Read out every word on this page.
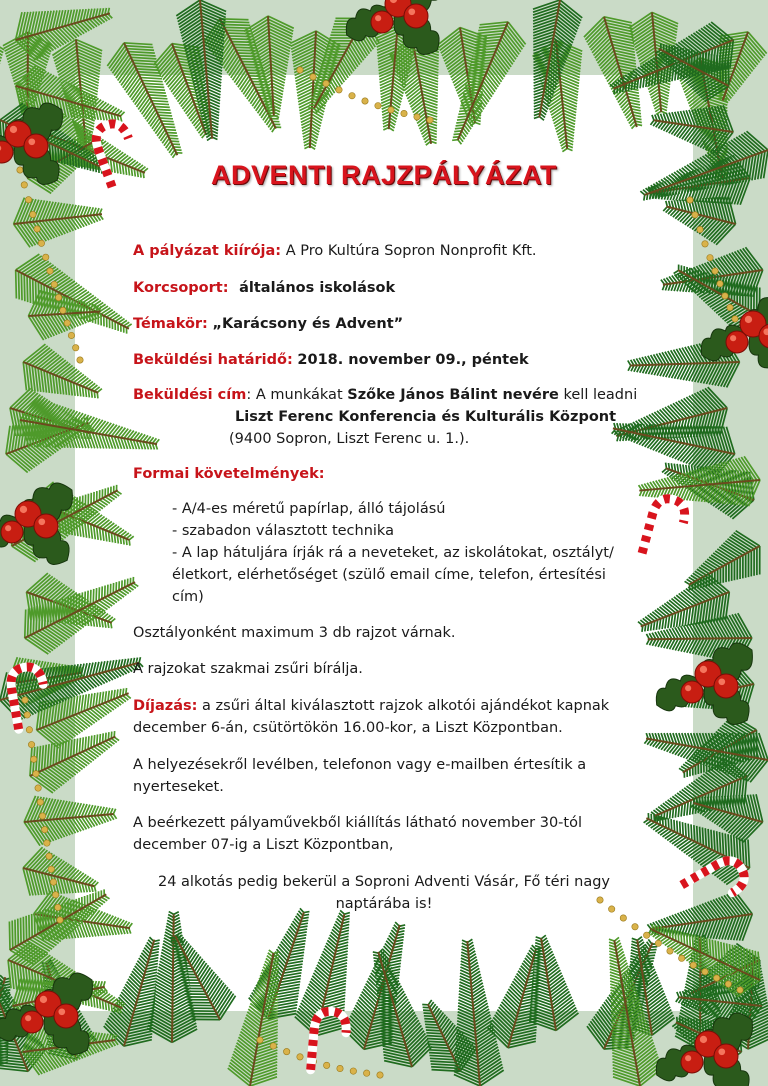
ADVENTI RAJZPÁLYÁZAT
A pályázat kiírója: A Pro Kultúra Sopron Nonprofit Kft.
Korcsoport: általános iskolások
Témakör: „Karácsony és Advent”
Beküldési határidő: 2018. november 09., péntek
Beküldési cím: A munkákat Szőke János Bálint nevére kell leadni
Liszt Ferenc Konferencia és Kulturális Központ
(9400 Sopron, Liszt Ferenc u. 1.).
Formai követelmények:
- A/4-es méretű papírlap, álló tájolású
- szabadon választott technika
- A lap hátuljára írják rá a neveteket, az iskolátokat, osztályt/
életkort, elérhetőséget (szülő email címe, telefon, értesítési
cím)
Osztályonként maximum 3 db rajzot várnak.
A rajzokat szakmai zsűri bírálja.
Díjazás: a zsűri által kiválasztott rajzok alkotói ajándékot kapnak
december 6-án, csütörtökön 16.00-kor, a Liszt Központban.
A helyezésekről levélben, telefonon vagy e-mailben értesítik a
nyerteseket.
A beérkezett pályaművekből kiállítás látható november 30-tól
december 07-ig a Liszt Központban,
24 alkotás pedig bekerül a Soproni Adventi Vásár, Fő téri nagy
naptárába is!
